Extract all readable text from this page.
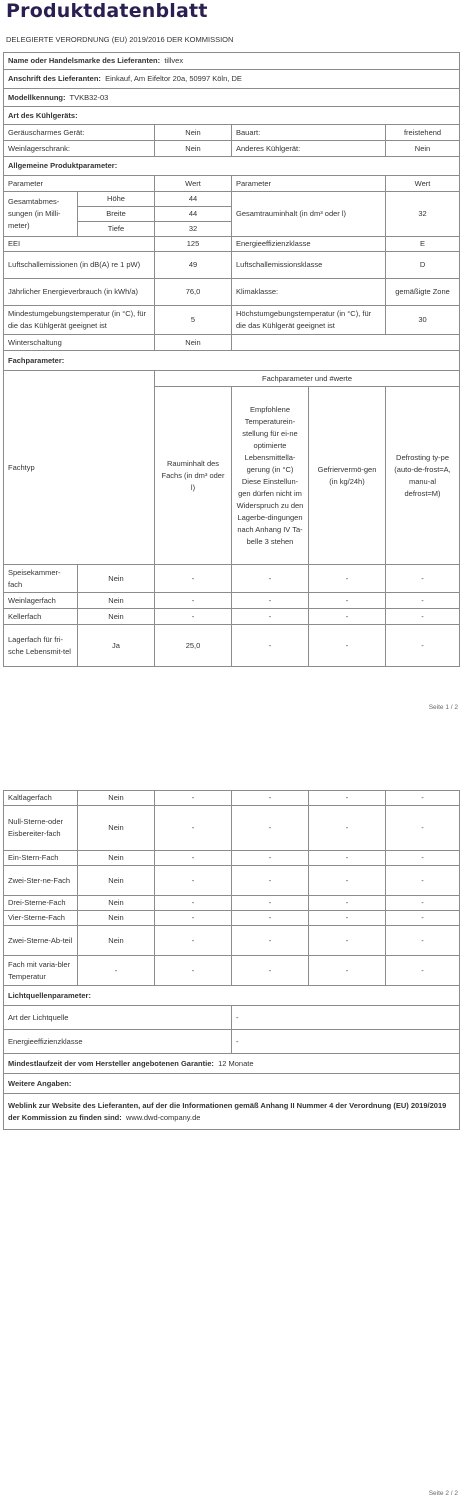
Produktdatenblatt
DELEGIERTE VERORDNUNG (EU) 2019/2016 DER KOMMISSION
Name oder Handelsmarke des Lieferanten: tillvex					
Anschrift des Lieferanten: Einkauf, Am Eifeltor 20a, 50997 Köln, DE					
Modellkennung: TVKB32-03					
Art des Kühlgeräts:					
Geräuscharmes Gerät:		Nein	Bauart:		freistehend
Weinlagerschrank:		Nein	Anderes Kühlgerät:		Nein
Allgemeine Produktparameter:					
Parameter		Wert	Parameter		Wert
Gesamtabmes-sungen (in Milli-meter)	Höhe	44	Gesamtrauminhalt (in dm³ oder l)		32
	Breite	44			
	Tiefe	32			
EEI		125	Energieeffizienzklasse		E
Luftschallemissionen (in dB(A) re 1 pW)		49	Luftschallemissionsklasse		D
Jährlicher Energieverbrauch (in kWh/a)		76,0	Klimaklasse:		gemäßigte Zone
Mindestumgebungstemperatur (in °C), für die das Kühlgerät geeignet ist		5	Höchstumgebungstemperatur (in °C), für die das Kühlgerät geeignet ist		30
Winterschaltung		Nein			
Fachparameter:					
Fachtyp		Fachparameter und #werte			
		Rauminhalt des Fachs (in dm³ oder l)	Empfohlene Temperaturein-stellung für ei-ne optimierte Lebensmittella-gerung (in °C) Diese Einstellun-gen dürfen nicht im Widerspruch zu den Lagerbe-dingungen nach Anhang IV Ta-belle 3 stehen	Gefriervermö-gen (in kg/24h)	Defrosting ty-pe (auto-de-frost=A, manu-al defrost=M)
Speisekammer-fach	Nein	-	-	-	-
Weinlagerfach	Nein	-	-	-	-
Kellerfach	Nein	-	-	-	-
Lagerfach für fri-sche Lebensmit-tel	Ja	25,0	-	-	-
Seite 1 / 2
Kaltlagerfach	Nein	-	-	-	-
Null-Sterne-oder Eisbereiter-fach	Nein	-	-	-	-
Ein-Stern-Fach	Nein	-	-	-	-
Zwei-Ster-ne-Fach	Nein	-	-	-	-
Drei-Sterne-Fach	Nein	-	-	-	-
Vier-Sterne-Fach	Nein	-	-	-	-
Zwei-Sterne-Ab-teil	Nein	-	-	-	-
Fach mit varia-bler Temperatur	-	-	-	-	-
Lichtquellenparameter:					
Art der Lichtquelle			-		
Energieeffizienzklasse			-		
Mindestlaufzeit der vom Hersteller angebotenen Garantie: 12 Monate					
Weitere Angaben:					
Weblink zur Website des Lieferanten, auf der die Informationen gemäß Anhang II Nummer 4 der Verordnung (EU) 2019/2019 der Kommission zu finden sind: www.dwd-company.de					
Seite 2 / 2
